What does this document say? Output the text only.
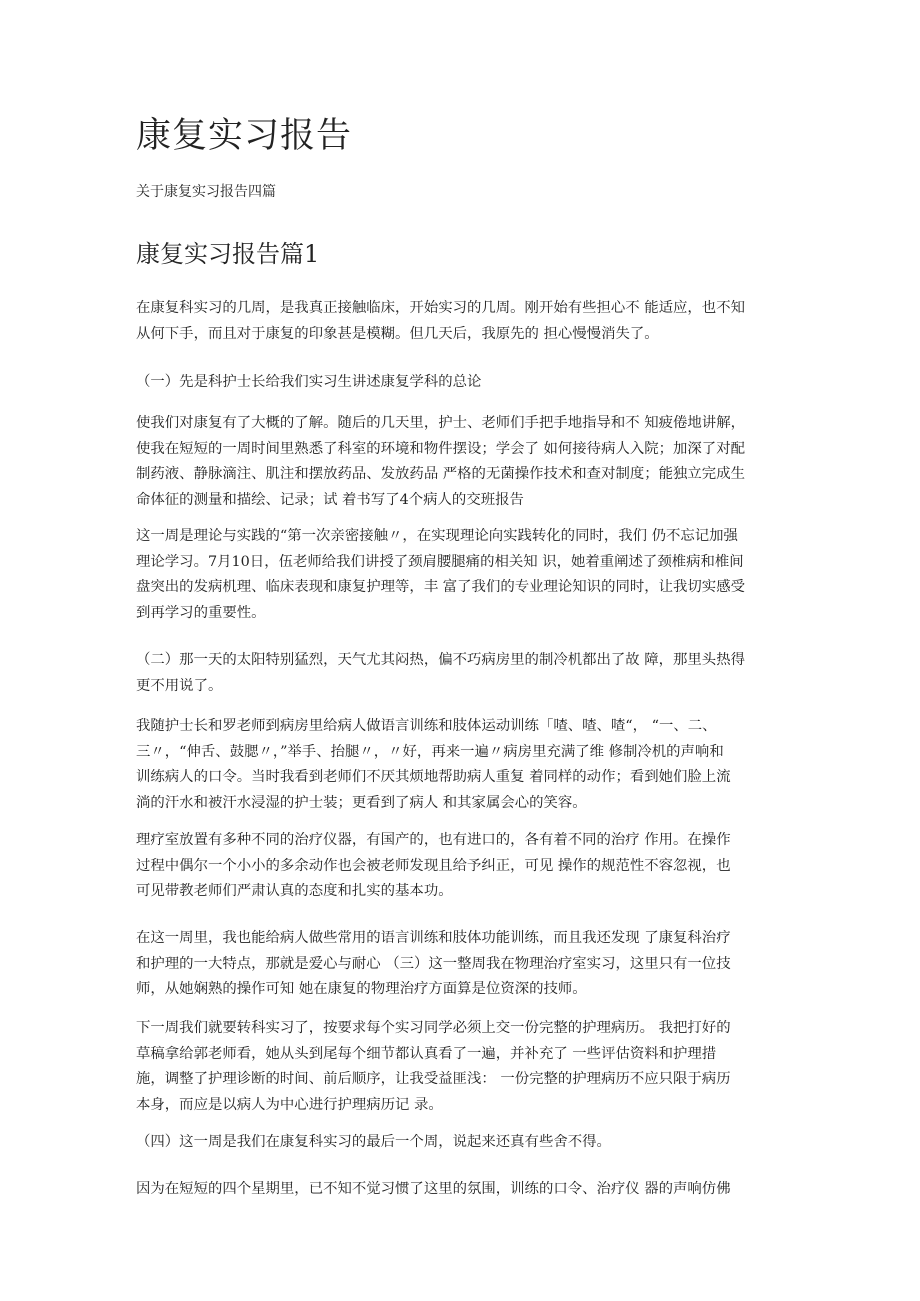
康复实习报告

关于康复实习报告四篇

康复实习报告篇1
在康复科实习的几周，是我真正接触临床，开始实习的几周。刚开始有些担心不 能适应，也不知
从何下手，而且对于康复的印象甚是模糊。但几天后，我原先的 担心慢慢消失了。
（一）先是科护士长给我们实习生讲述康复学科的总论
使我们对康复有了大概的了解。随后的几天里，护士、老师们手把手地指导和不 知疲倦地讲解，
使我在短短的一周时间里熟悉了科室的环境和物件摆设；学会了 如何接待病人入院；加深了对配
制药液、静脉滴注、肌注和摆放药品、发放药品 严格的无菌操作技术和查对制度；能独立完成生
命体征的测量和描绘、记录；试 着书写了4个病人的交班报告
这一周是理论与实践的“第一次亲密接触〃，在实现理论向实践转化的同时，我们 仍不忘记加强
理论学习。7月10日，伍老师给我们讲授了颈肩腰腿痛的相关知 识，她着重阐述了颈椎病和椎间
盘突出的发病机理、临床表现和康复护理等，丰 富了我们的专业理论知识的同时，让我切实感受
到再学习的重要性。
（二）那一天的太阳特别猛烈，天气尤其闷热，偏不巧病房里的制冷机都出了故 障，那里头热得
更不用说了。
我随护士长和罗老师到病房里给病人做语言训练和肢体运动训练「喳、喳、喳“， “一、二、
三〃，“伸舌、鼓腮〃，”举手、抬腿〃，〃好，再来一遍〃病房里充满了维 修制冷机的声响和
训练病人的口令。当时我看到老师们不厌其烦地帮助病人重复 着同样的动作；看到她们脸上流
淌的汗水和被汗水浸湿的护士装；更看到了病人 和其家属会心的笑容。
理疗室放置有多种不同的治疗仪器，有国产的，也有进口的，各有着不同的治疗 作用。在操作
过程中偶尔一个小小的多余动作也会被老师发现且给予纠正，可见 操作的规范性不容忽视，也
可见带教老师们严肃认真的态度和扎实的基本功。
在这一周里，我也能给病人做些常用的语言训练和肢体功能训练，而且我还发现 了康复科治疗
和护理的一大特点，那就是爱心与耐心 （三）这一整周我在物理治疗室实习，这里只有一位技
师，从她娴熟的操作可知 她在康复的物理治疗方面算是位资深的技师。
下一周我们就要转科实习了，按要求每个实习同学必须上交一份完整的护理病历。 我把打好的
草稿拿给郭老师看，她从头到尾每个细节都认真看了一遍，并补充了 一些评估资料和护理措
施，调整了护理诊断的时间、前后顺序，让我受益匪浅： 一份完整的护理病历不应只限于病历
本身，而应是以病人为中心进行护理病历记 录。
（四）这一周是我们在康复科实习的最后一个周，说起来还真有些舍不得。
因为在短短的四个星期里，已不知不觉习惯了这里的氛围，训练的口令、治疗仪 器的声响仿佛
